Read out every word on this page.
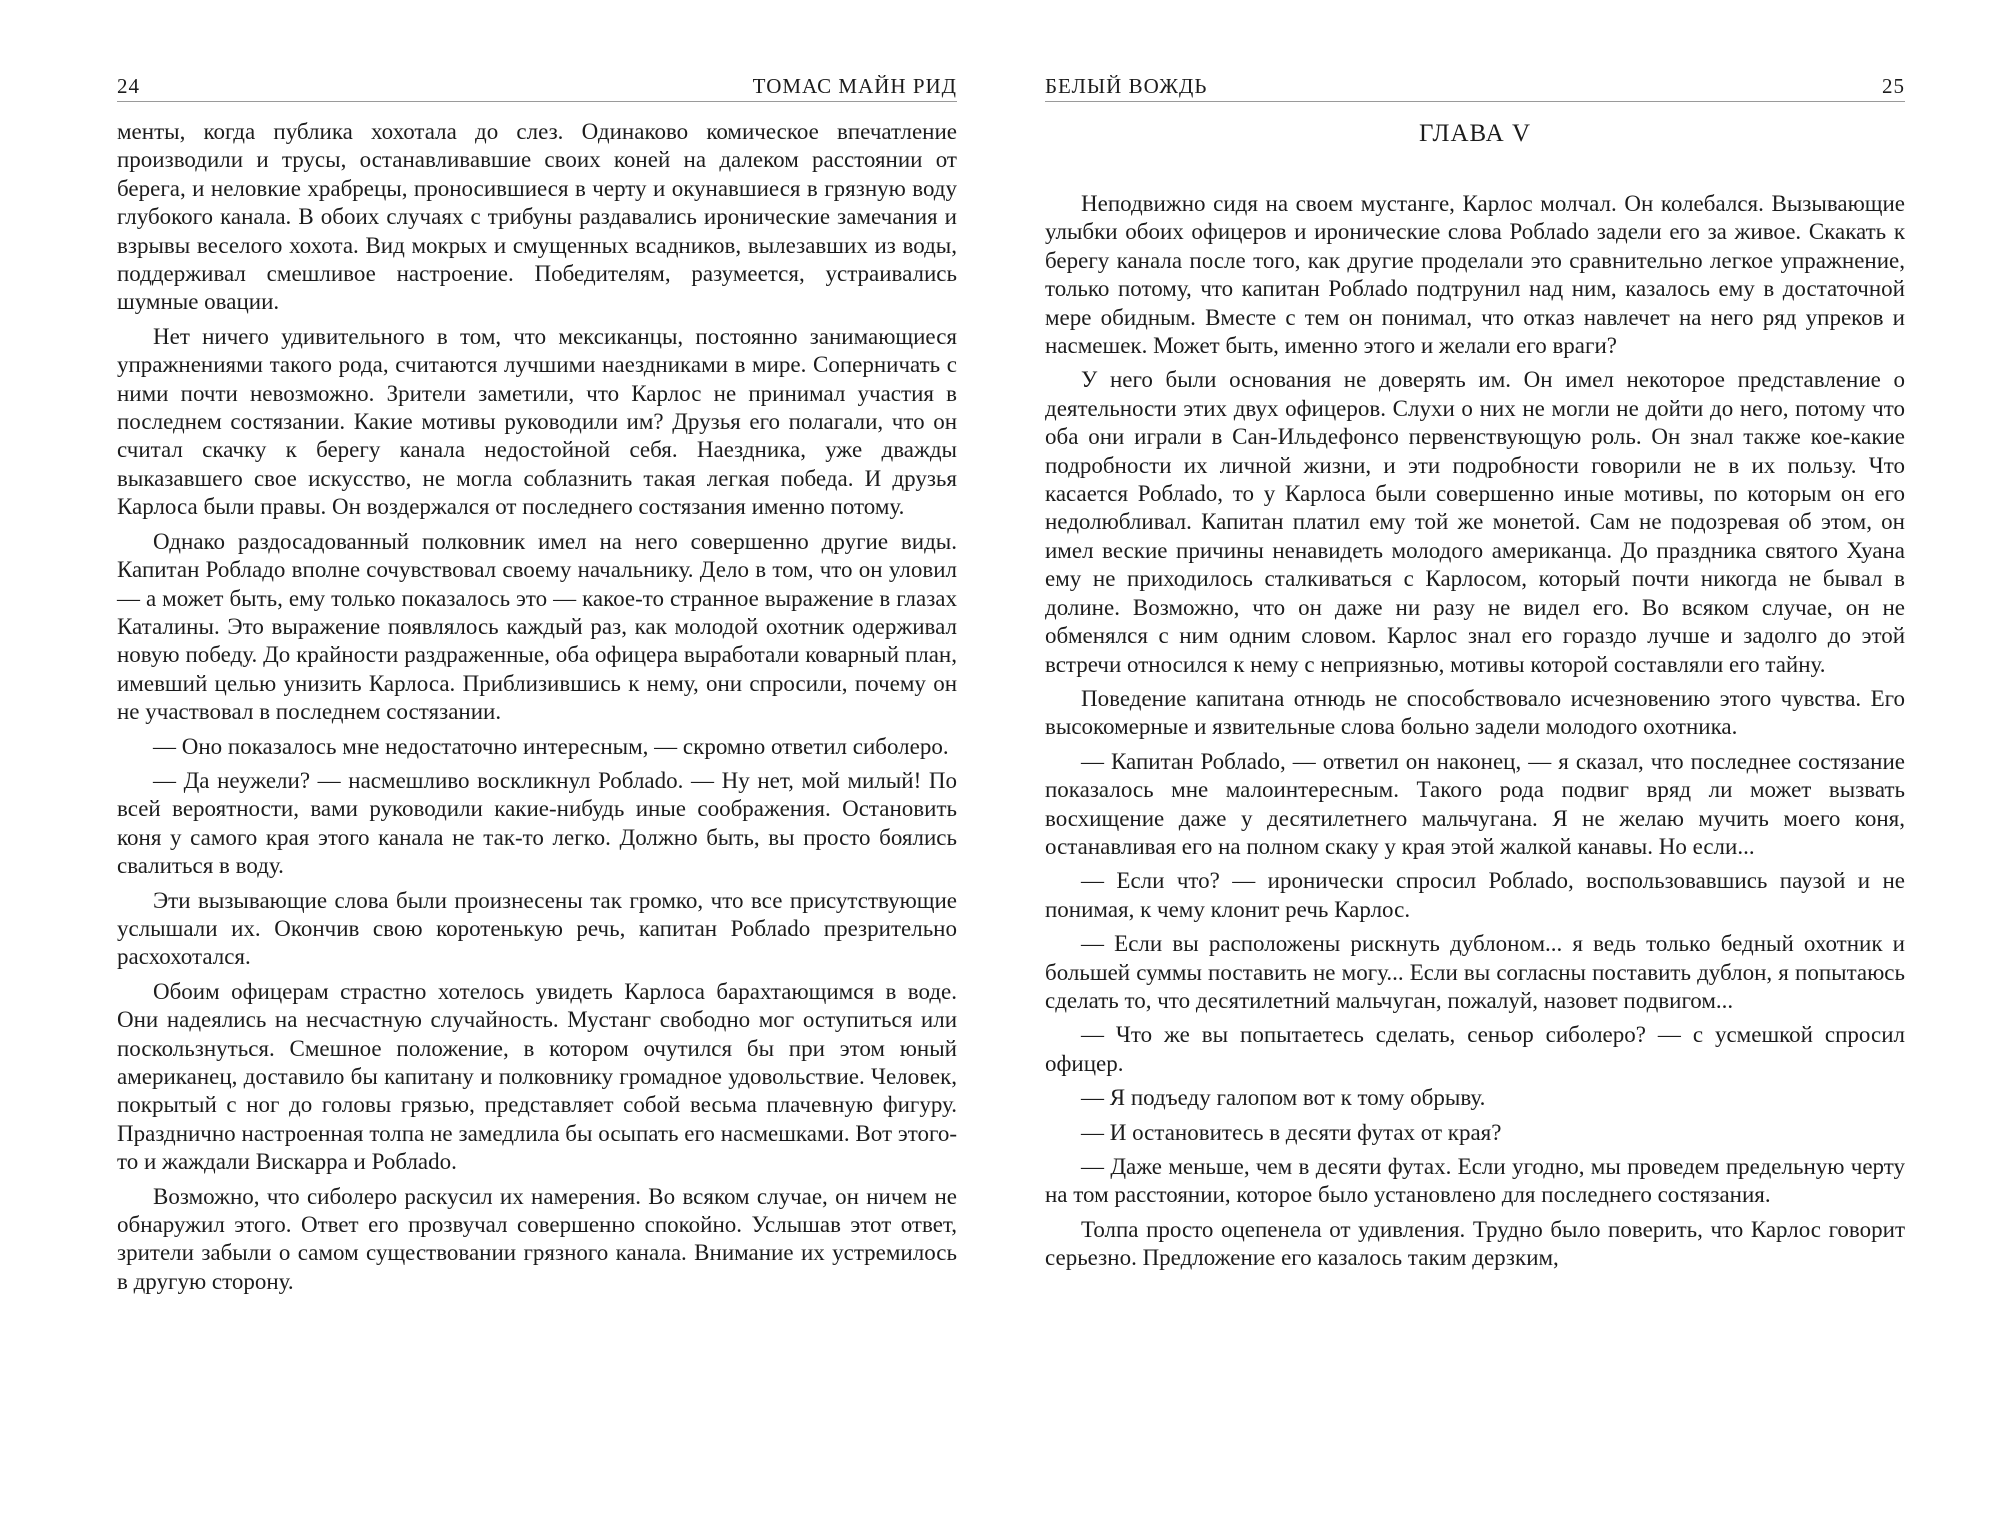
24	ТОМАС МАЙН РИД

менты, когда публика хохотала до слез. Одинаково комическое впечатление производили и трусы, останавливавшие своих коней на далеком расстоянии от берега, и неловкие храбрецы, проносившиеся в черту и окунавшиеся в грязную воду глубокого канала. В обоих случаях с трибуны раздавались иронические замечания и взрывы веселого хохота. Вид мокрых и смущенных всадников, вылезавших из воды, поддерживал смешливое настроение. Победителям, разумеется, устраивались шумные овации.

Нет ничего удивительного в том, что мексиканцы, постоянно занимающиеся упражнениями такого рода, считаются лучшими наездниками в мире. Соперничать с ними почти невозможно. Зрители заметили, что Карлос не принимал участия в последнем состязании. Какие мотивы руководили им? Друзья его полагали, что он считал скачку к берегу канала недостойной себя. Наездника, уже дважды выказавшего свое искусство, не могла соблазнить такая легкая победа. И друзья Карлоса были правы. Он воздержался от последнего состязания именно потому.

Однако раздосадованный полковник имел на него совершенно другие виды. Капитан Робладо вполне сочувствовал своему начальнику. Дело в том, что он уловил — а может быть, ему только показалось это — какое-то странное выражение в глазах Каталины. Это выражение появлялось каждый раз, как молодой охотник одерживал новую победу. До крайности раздраженные, оба офицера выработали коварный план, имевший целью унизить Карлоса. Приблизившись к нему, они спросили, почему он не участвовал в последнем состязании.

— Оно показалось мне недостаточно интересным, — скромно ответил сиболеро.

— Да неужели? — насмешливо воскликнул Роблado. — Ну нет, мой милый! По всей вероятности, вами руководили какие-нибудь иные соображения. Остановить коня у самого края этого канала не так-то легко. Должно быть, вы просто боялись свалиться в воду.

Эти вызывающие слова были произнесены так громко, что все присутствующие услышали их. Окончив свою коротенькую речь, капитан Роблado презрительно расхохотался.

Обоим офицерам страстно хотелось увидеть Карлоса барахтающимся в воде. Они надеялись на несчастную случайность. Мустанг свободно мог оступиться или поскользнуться. Смешное положение, в котором очутился бы при этом юный американец, доставило бы капитану и полковнику громадное удовольствие. Человек, покрытый с ног до головы грязью, представляет собой весьма плачевную фигуру. Празднично настроенная толпа не замедлила бы осыпать его насмешками. Вот этого-то и жаждали Вискарра и Роблado.

Возможно, что сиболеро раскусил их намерения. Во всяком случае, он ничем не обнаружил этого. Ответ его прозвучал совершенно спокойно. Услышав этот ответ, зрители забыли о самом существовании грязного канала. Внимание их устремилось в другую сторону.

БЕЛЫЙ ВОЖДЬ	25
ГЛАВА V

Неподвижно сидя на своем мустанге, Карлос молчал. Он колебался. Вызывающие улыбки обоих офицеров и иронические слова Роблado задели его за живое. Скакать к берегу канала после того, как другие проделали это сравнительно легкое упражнение, только потому, что капитан Роблado подтрунил над ним, казалось ему в достаточной мере обидным. Вместе с тем он понимал, что отказ навлечет на него ряд упреков и насмешек. Может быть, именно этого и желали его враги?

У него были основания не доверять им. Он имел некоторое представление о деятельности этих двух офицеров. Слухи о них не могли не дойти до него, потому что оба они играли в Сан-Ильдефонсо первенствующую роль. Он знал также кое-какие подробности их личной жизни, и эти подробности говорили не в их пользу. Что касается Роблado, то у Карлоса были совершенно иные мотивы, по которым он его недолюбливал. Капитан платил ему той же монетой. Сам не подозревая об этом, он имел веские причины ненавидеть молодого американца. До праздника святого Хуана ему не приходилось сталкиваться с Карлосом, который почти никогда не бывал в долине. Возможно, что он даже ни разу не видел его. Во всяком случае, он не обменялся с ним одним словом. Карлос знал его гораздо лучше и задолго до этой встречи относился к нему с неприязнью, мотивы которой составляли его тайну.

Поведение капитана отнюдь не способствовало исчезновению этого чувства. Его высокомерные и язвительные слова больно задели молодого охотника.

— Капитан Роблado, — ответил он наконец, — я сказал, что последнее состязание показалось мне малоинтересным. Такого рода подвиг вряд ли может вызвать восхищение даже у десятилетнего мальчугана. Я не желаю мучить моего коня, останавливая его на полном скаку у края этой жалкой канавы. Но если...

— Если что? — иронически спросил Роблado, воспользовавшись паузой и не понимая, к чему клонит речь Карлос.

— Если вы расположены рискнуть дублоном... я ведь только бедный охотник и большей суммы поставить не могу... Если вы согласны поставить дублон, я попытаюсь сделать то, что десятилетний мальчуган, пожалуй, назовет подвигом...

— Что же вы попытаетесь сделать, сеньор сиболеро? — с усмешкой спросил офицер.

— Я подъеду галопом вот к тому обрыву.

— И остановитесь в десяти футах от края?

— Даже меньше, чем в десяти футах. Если угодно, мы проведем предельную черту на том расстоянии, которое было установлено для последнего состязания.

Толпа просто оцепенела от удивления. Трудно было поверить, что Карлос говорит серьезно. Предложение его казалось таким дерзким,
